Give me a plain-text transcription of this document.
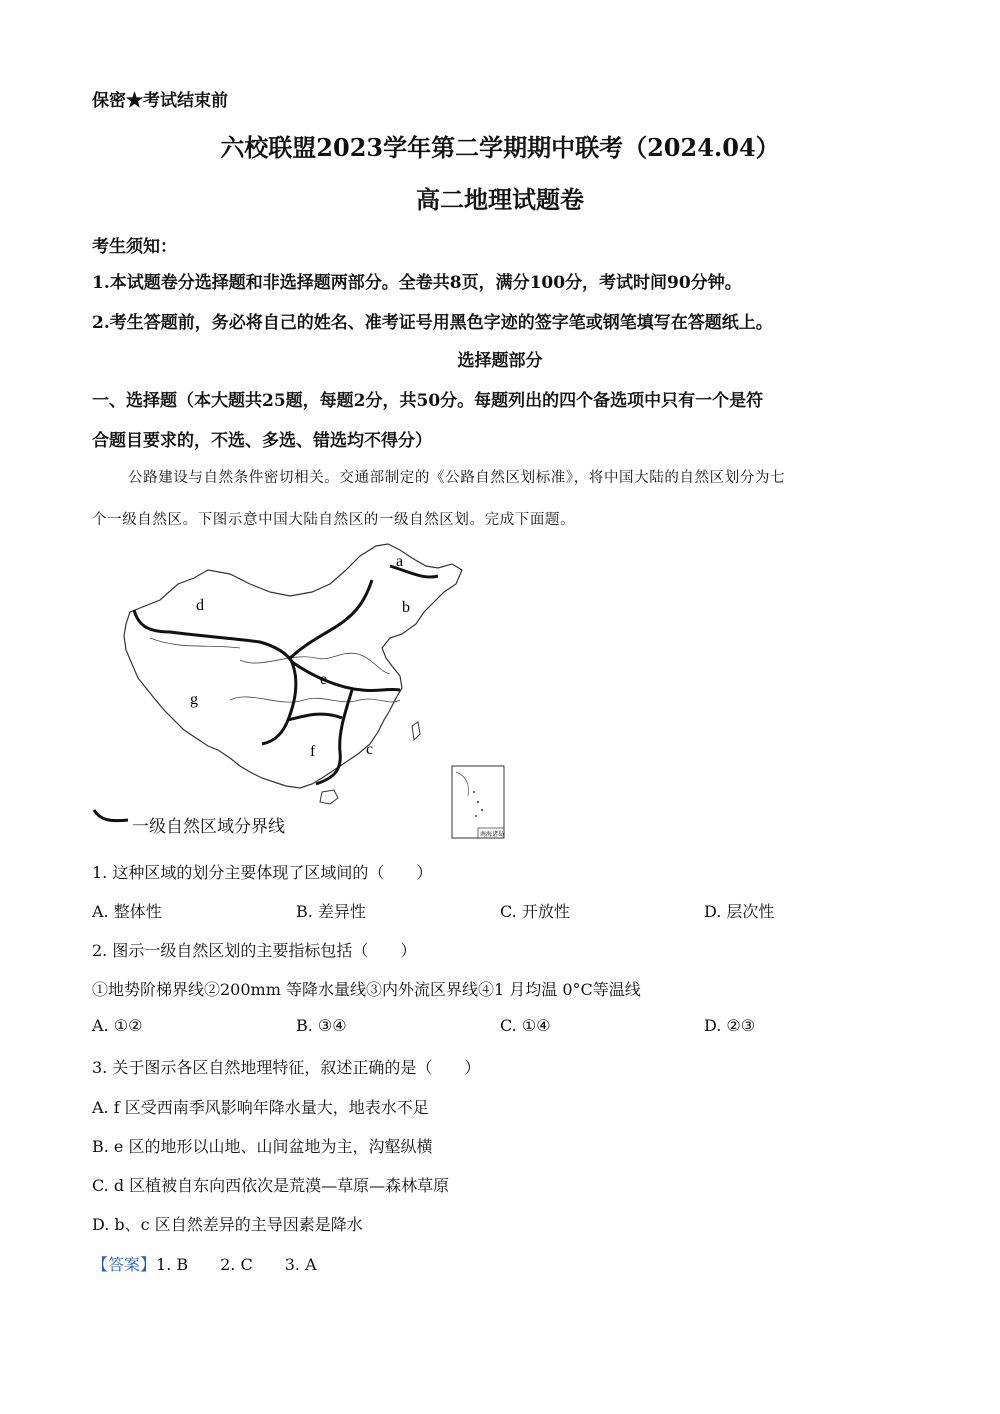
保密★考试结束前
六校联盟2023学年第二学期期中联考（2024.04）
高二地理试题卷
考生须知：
1.本试题卷分选择题和非选择题两部分。全卷共8页，满分100分，考试时间90分钟。
2.考生答题前，务必将自己的姓名、准考证号用黑色字迹的签字笔或钢笔填写在答题纸上。
选择题部分
一、选择题（本大题共25题，每题2分，共50分。每题列出的四个备选项中只有一个是符
合题目要求的，不选、多选、错选均不得分）
公路建设与自然条件密切相关。交通部制定的《公路自然区划标准》，将中国大陆的自然区划分为七
个一级自然区。下图示意中国大陆自然区的一级自然区划。完成下面题。
a
b
c
d
e
f
g
南海诸岛
一级自然区域分界线
1. 这种区域的划分主要体现了区域间的（　　）
A. 整体性	B. 差异性	C. 开放性	D. 层次性
2. 图示一级自然区划的主要指标包括（　　）
①地势阶梯界线②200mm 等降水量线③内外流区界线④1 月均温 0°C等温线
A. ①②	B. ③④	C. ①④	D. ②③
3. 关于图示各区自然地理特征，叙述正确的是（　　）
A. f 区受西南季风影响年降水量大，地表水不足
B. e 区的地形以山地、山间盆地为主，沟壑纵横
C. d 区植被自东向西依次是荒漠—草原—森林草原
D. b、c 区自然差异的主导因素是降水
【答案】1. B   2. C   3. A
